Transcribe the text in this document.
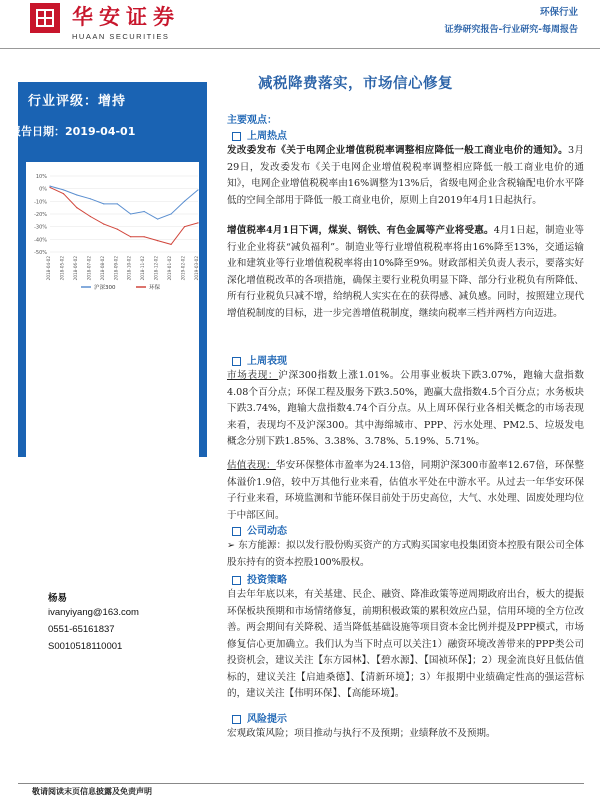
华安证券
HUAAN SECURITIES
环保行业
证券研究报告-行业研究-每周报告
减税降费落实，市场信心修复
行业评级：增持
报告日期：2019-04-01
10%
0%
-10%
-20%
-30%
-40%
-50%
2018-04-02 2018-05-02 2018-06-02 2018-07-02 2018-08-02 2018-09-02 2018-10-02 2018-11-02 2018-12-02 2019-01-02 2019-02-02 2019-03-02
沪深300	环保
杨易
ivanyiyang@163.com
0551-65161837
S0010518110001
主要观点：
上周热点
发改委发布《关于电网企业增值税税率调整相应降低一般工商业电价的通知》。3月29日，发改委发布《关于电网企业增值税税率调整相应降低一般工商业电价的通知》，电网企业增值税税率由16%调整为13%后，省级电网企业含税输配电价水平降低的空间全部用于降低一般工商业电价，原则上自2019年4月1日起执行。
增值税率4月1日下调，煤炭、钢铁、有色金属等产业将受惠。4月1日起，制造业等行业企业将获“减负福利”。制造业等行业增值税税率将由16%降至13%，交通运输业和建筑业等行业增值税税率将由10%降至9%。财政部相关负责人表示，要落实好深化增值税改革的各项措施，确保主要行业税负明显下降、部分行业税负有所降低、所有行业税负只减不增，给纳税人实实在在的获得感、减负感。同时，按照建立现代增值税制度的目标，进一步完善增值税制度，继续向税率三档并两档方向迈进。
上周表现
市场表现：沪深300指数上涨1.01%。公用事业板块下跌3.07%，跑输大盘指数4.08个百分点；环保工程及服务下跌3.50%，跑赢大盘指数4.5个百分点；水务板块下跌3.74%，跑输大盘指数4.74个百分点。从上周环保行业各相关概念的市场表现来看，表现均不及沪深300。其中海绵城市、PPP、污水处理、PM2.5、垃圾发电概念分别下跌1.85%、3.38%、3.78%、5.19%、5.71%。
估值表现：华安环保整体市盈率为24.13倍，同期沪深300市盈率12.67倍，环保整体溢价1.9倍，较中万其他行业来看，估值水平处在中游水平。从过去一年华安环保子行业来看，环境监测和节能环保目前处于历史高位，大气、水处理、固废处理均位于中部区间。
公司动态
➢ 东方能源：拟以发行股份购买资产的方式购买国家电投集团资本控股有限公司全体股东持有的资本控股100%股权。
投资策略
自去年年底以来，有关基建、民企、融资、降准政策等逆周期政府出台，板大的提振环保板块预期和市场情绪修复，前期积极政策的累积效应凸显，信用环境的全方位改善。两会期间有关降税、适当降低基础设施等项目资本金比例并提及PPP模式，市场修复信心更加确立。我们认为当下时点可以关注1）融资环境改善带来的PPP类公司投资机会，建议关注【东方园林】、【碧水源】、【国祯环保】；2）现金流良好且低估值标的，建议关注【启迪桑德】、【清新环境】；3）年报期中业绩确定性高的强运营标的，建议关注【伟明环保】、【高能环境】。
风险提示
宏观政策风险；项目推动与执行不及预期；业绩释放不及预期。
敬请阅读末页信息披露及免责声明
